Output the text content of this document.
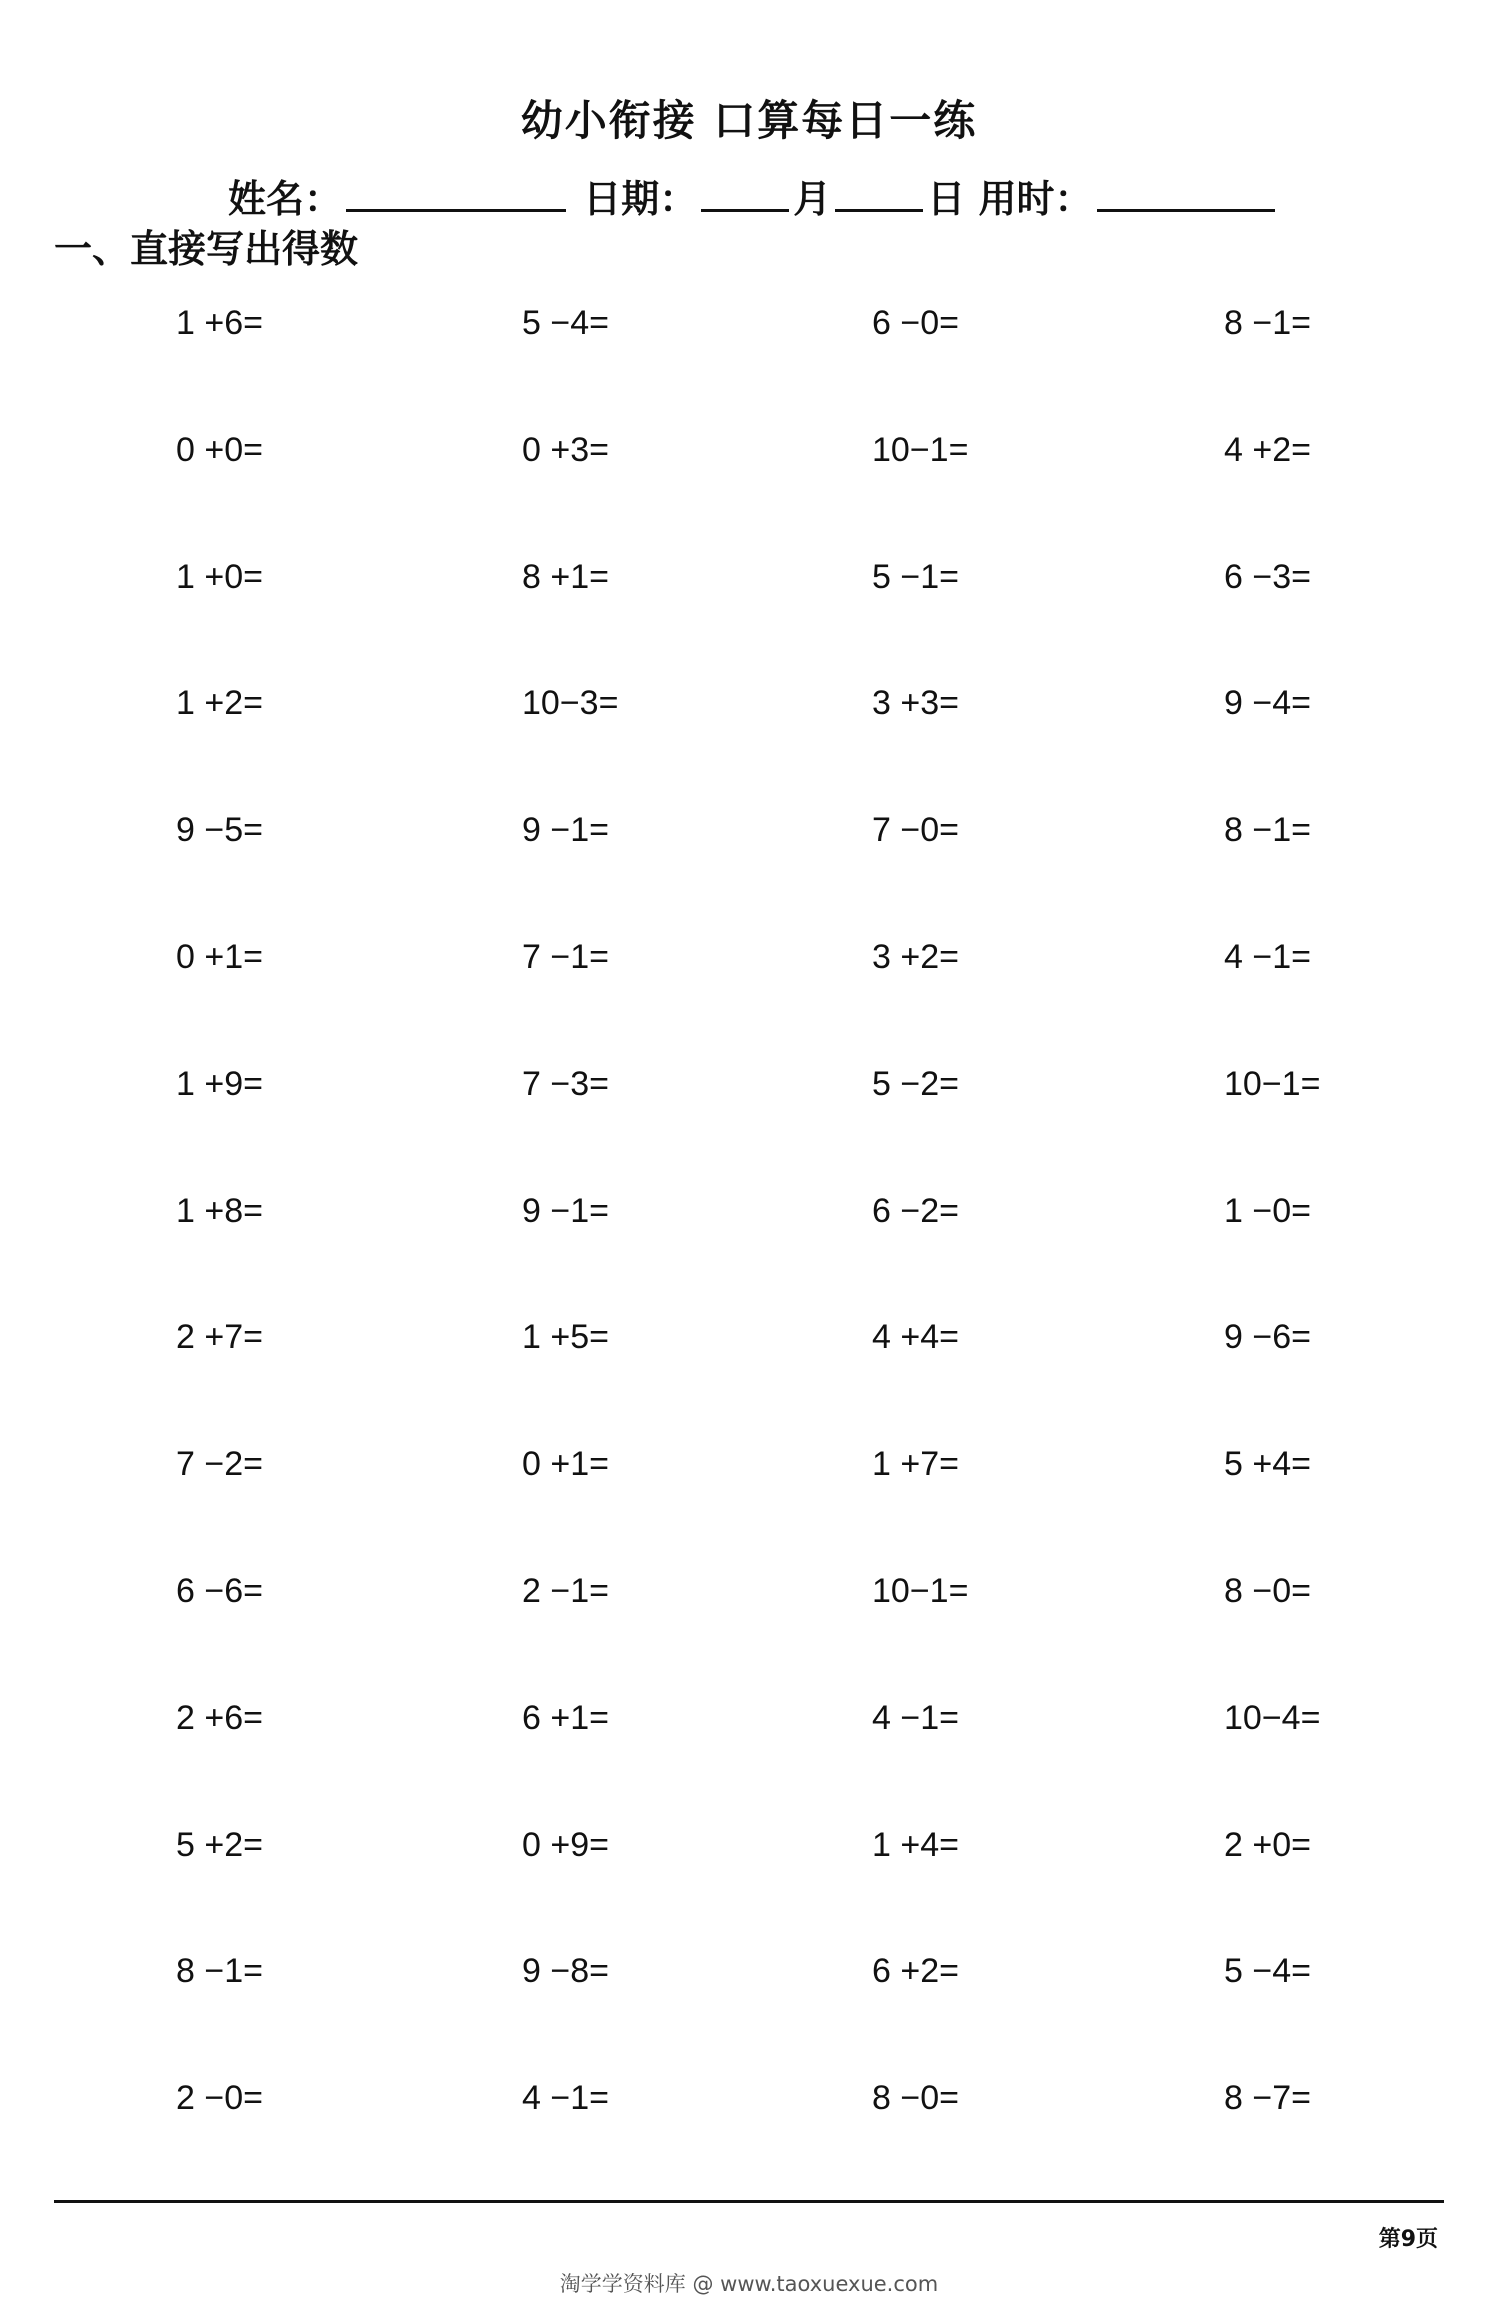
幼小衔接 口算每日一练
姓名：	日期：	月	日 用时：
一、直接写出得数
1 +6=	5 −4=	6 −0=	8 −1=
0 +0=	0 +3=	10−1=	4 +2=
1 +0=	8 +1=	5 −1=	6 −3=
1 +2=	10−3=	3 +3=	9 −4=
9 −5=	9 −1=	7 −0=	8 −1=
0 +1=	7 −1=	3 +2=	4 −1=
1 +9=	7 −3=	5 −2=	10−1=
1 +8=	9 −1=	6 −2=	1 −0=
2 +7=	1 +5=	4 +4=	9 −6=
7 −2=	0 +1=	1 +7=	5 +4=
6 −6=	2 −1=	10−1=	8 −0=
2 +6=	6 +1=	4 −1=	10−4=
5 +2=	0 +9=	1 +4=	2 +0=
8 −1=	9 −8=	6 +2=	5 −4=
2 −0=	4 −1=	8 −0=	8 −7=
第9页
淘学学资料库 @ www.taoxuexue.com
